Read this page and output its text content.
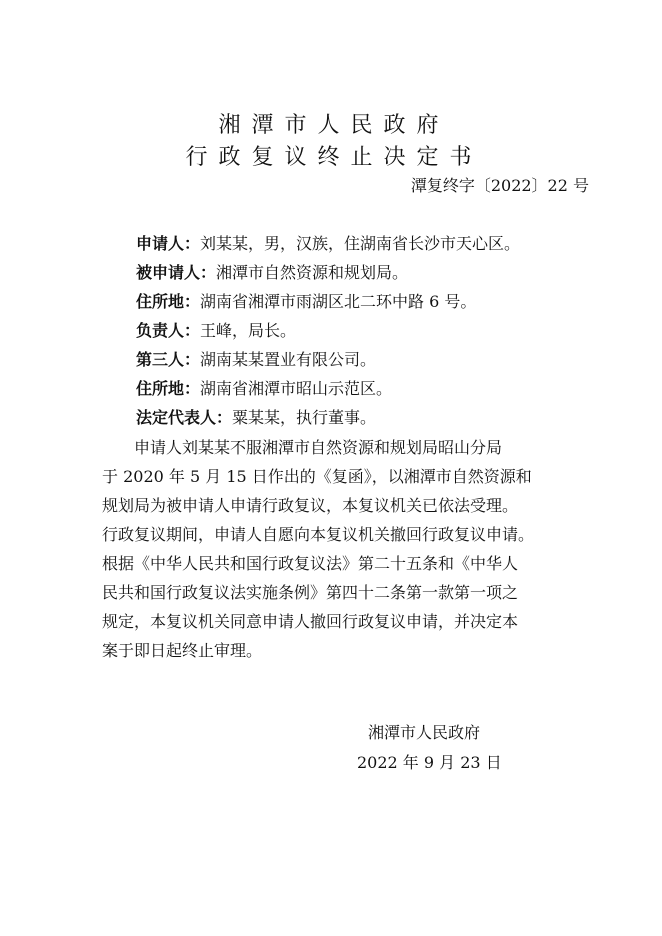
湘潭市人民政府
行政复议终止决定书
潭复终字〔2022〕22 号
申请人：刘某某，男，汉族，住湖南省长沙市天心区。
被申请人：湘潭市自然资源和规划局。
住所地：湖南省湘潭市雨湖区北二环中路 6 号。
负责人：王峰，局长。
第三人：湖南某某置业有限公司。
住所地：湖南省湘潭市昭山示范区。
法定代表人：粟某某，执行董事。
　　申请人刘某某不服湘潭市自然资源和规划局昭山分局
于 2020 年 5 月 15 日作出的《复函》，以湘潭市自然资源和
规划局为被申请人申请行政复议，本复议机关已依法受理。
行政复议期间，申请人自愿向本复议机关撤回行政复议申请。
根据《中华人民共和国行政复议法》第二十五条和《中华人
民共和国行政复议法实施条例》第四十二条第一款第一项之
规定，本复议机关同意申请人撤回行政复议申请，并决定本
案于即日起终止审理。
湘潭市人民政府
2022 年 9 月 23 日
